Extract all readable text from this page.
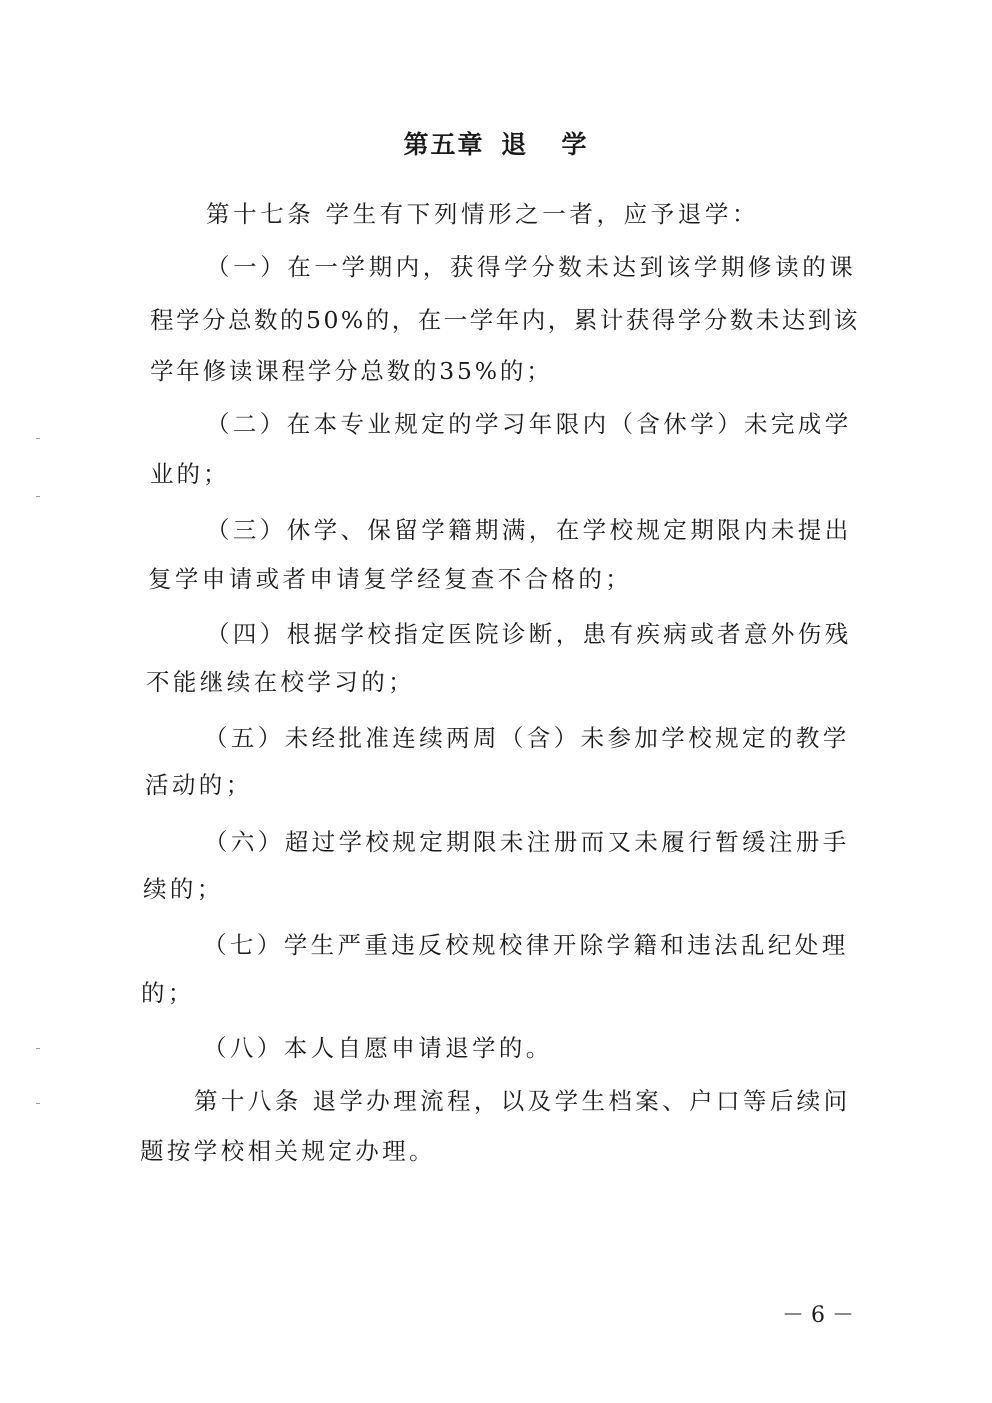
第五章 退  学
第十七条 学生有下列情形之一者，应予退学：
（一）在一学期内，获得学分数未达到该学期修读的课
程学分总数的50%的，在一学年内，累计获得学分数未达到该
学年修读课程学分总数的35%的；
（二）在本专业规定的学习年限内（含休学）未完成学
业的；
（三）休学、保留学籍期满，在学校规定期限内未提出
复学申请或者申请复学经复查不合格的；
（四）根据学校指定医院诊断，患有疾病或者意外伤残
不能继续在校学习的；
（五）未经批准连续两周（含）未参加学校规定的教学
活动的；
（六）超过学校规定期限未注册而又未履行暂缓注册手
续的；
（七）学生严重违反校规校律开除学籍和违法乱纪处理
的；
（八）本人自愿申请退学的。
第十八条 退学办理流程，以及学生档案、户口等后续问
题按学校相关规定办理。
－ 6 －
